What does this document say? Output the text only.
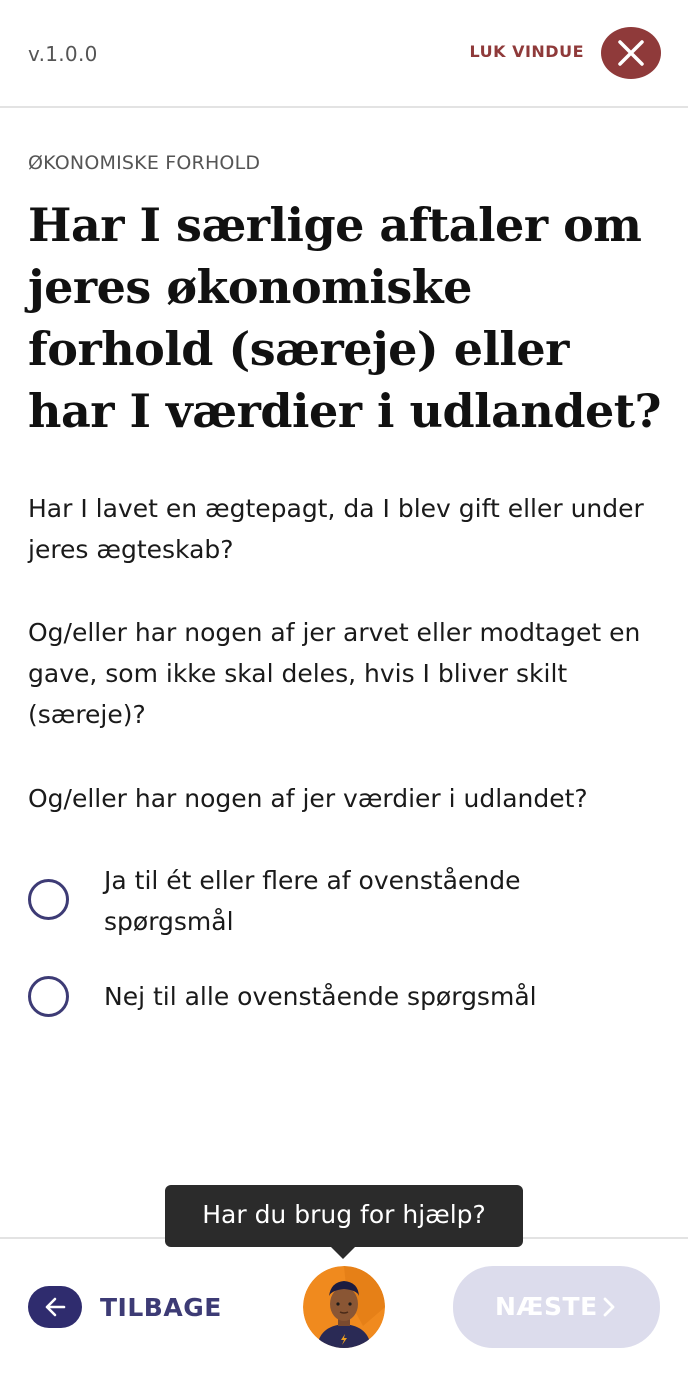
v.1.0.0	LUK VINDUE
ØKONOMISKE FORHOLD
Har I særlige aftaler om jeres økonomiske forhold (særeje) eller har I værdier i udlandet?

Har I lavet en ægtepagt, da I blev gift eller under jeres ægteskab?

Og/eller har nogen af jer arvet eller modtaget en gave, som ikke skal deles, hvis I bliver skilt (særeje)?

Og/eller har nogen af jer værdier i udlandet?

Ja til ét eller flere af ovenstående spørgsmål
Nej til alle ovenstående spørgsmål
Har du brug for hjælp?
TILBAGE	NÆSTE
